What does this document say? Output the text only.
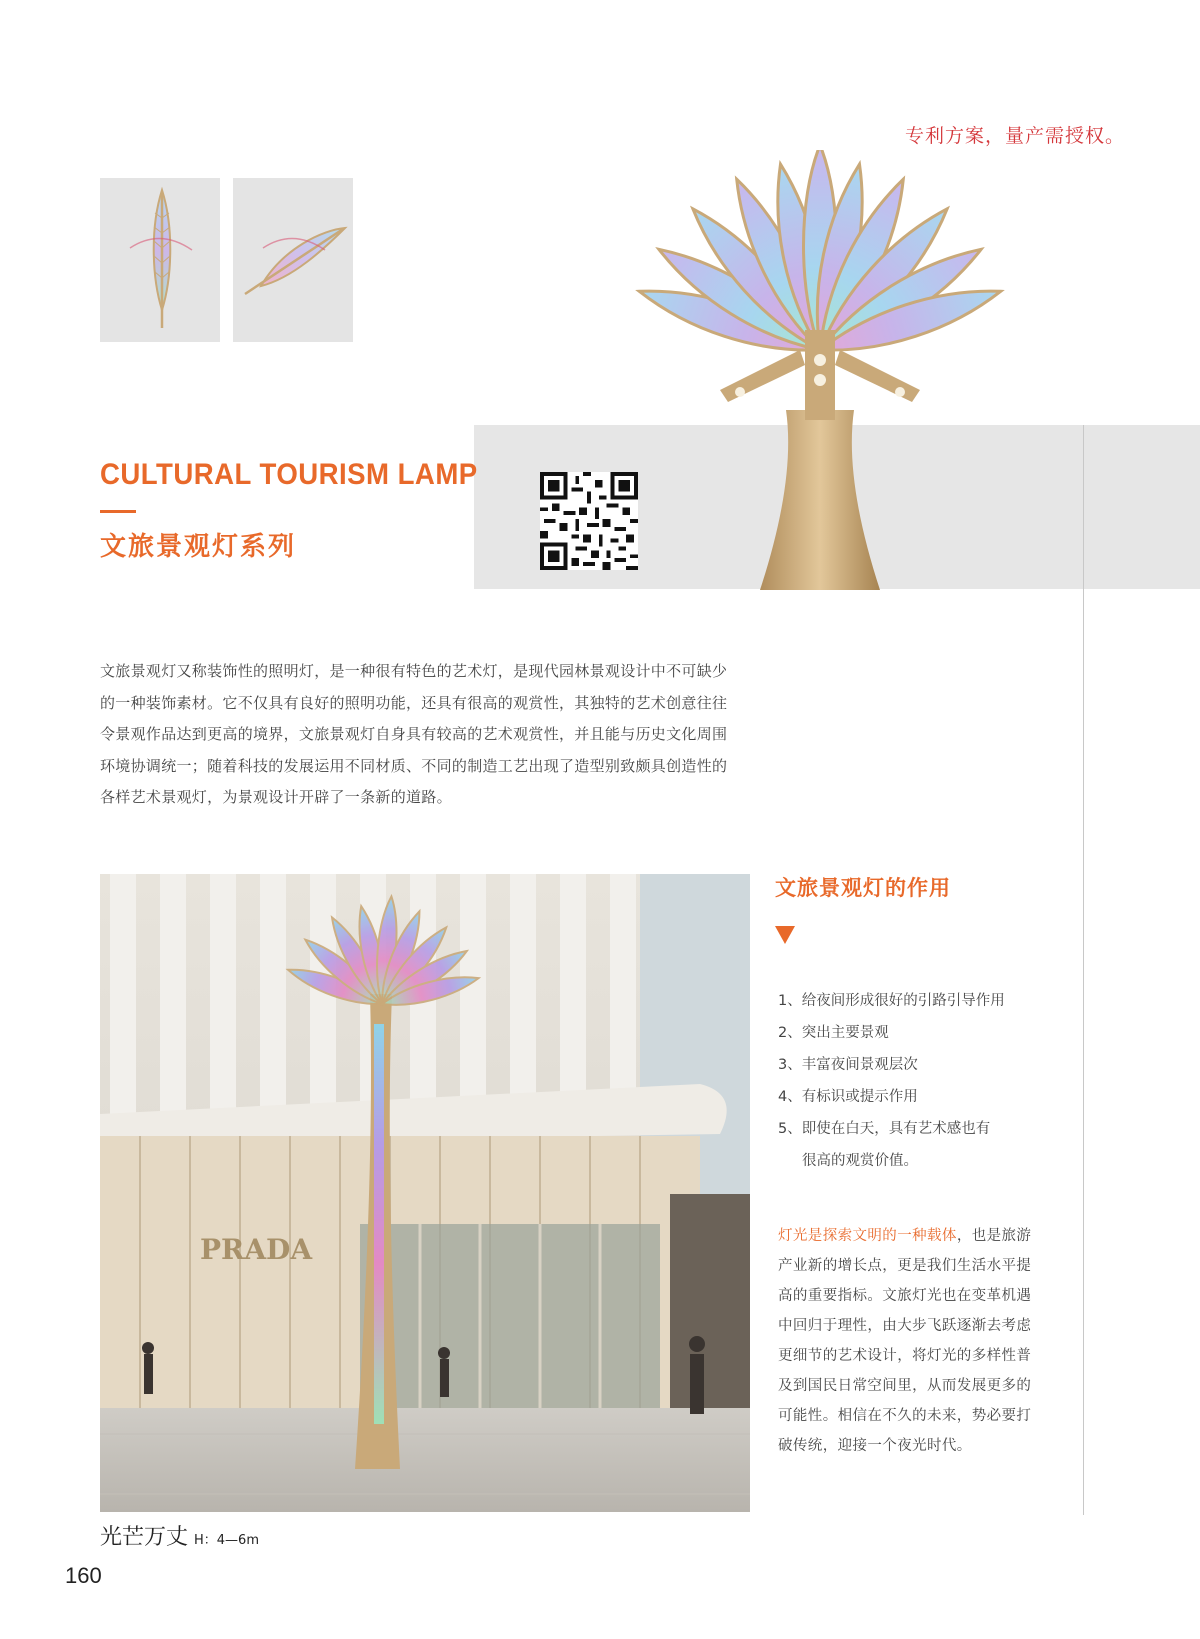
专利方案，量产需授权。
CULTURAL TOURISM LAMP
文旅景观灯系列
文旅景观灯又称装饰性的照明灯，是一种很有特色的艺术灯，是现代园林景观设计中不可缺少
的一种装饰素材。它不仅具有良好的照明功能，还具有很高的观赏性，其独特的艺术创意往往
令景观作品达到更高的境界，文旅景观灯自身具有较高的艺术观赏性，并且能与历史文化周围
环境协调统一；随着科技的发展运用不同材质、不同的制造工艺出现了造型别致颇具创造性的
各样艺术景观灯，为景观设计开辟了一条新的道路。
PRADA
光芒万丈 H：4—6m
160
文旅景观灯的作用
1、给夜间形成很好的引路引导作用
2、突出主要景观
3、丰富夜间景观层次
4、有标识或提示作用
5、即使在白天，具有艺术感也有
很高的观赏价值。
灯光是探索文明的一种载体，也是旅游产业新的增长点，更是我们生活水平提高的重要指标。文旅灯光也在变革机遇中回归于理性，由大步飞跃逐渐去考虑更细节的艺术设计，将灯光的多样性普及到国民日常空间里，从而发展更多的可能性。相信在不久的未来，势必要打破传统，迎接一个夜光时代。
